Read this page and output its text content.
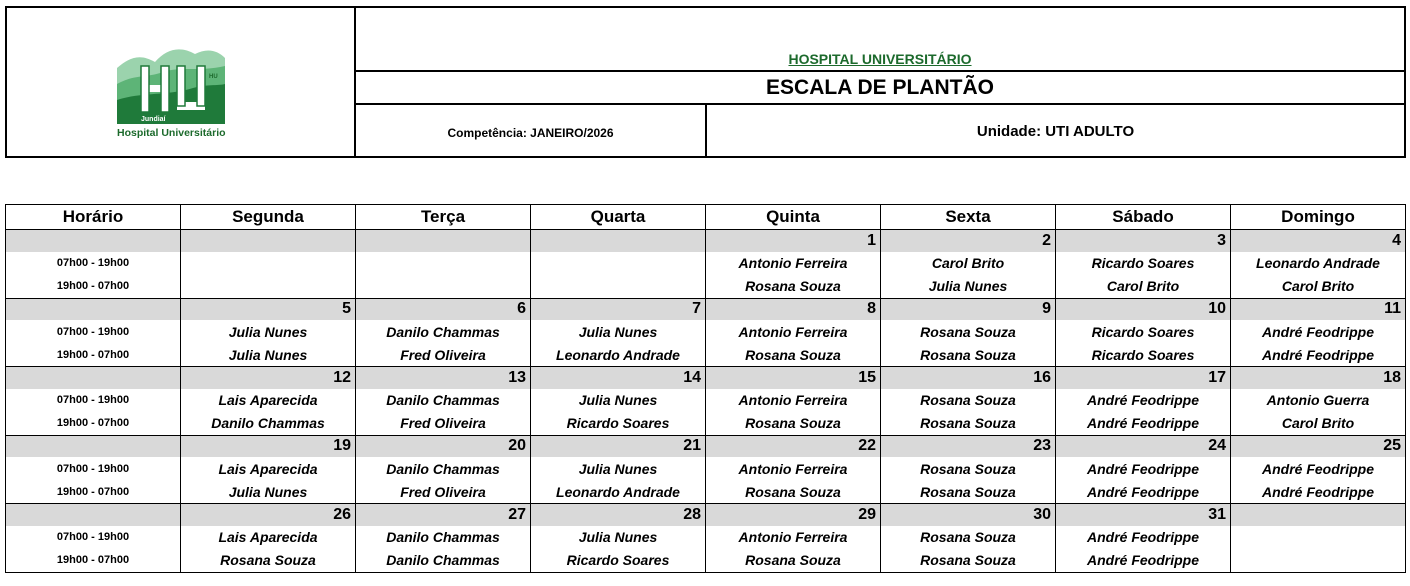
Jundiaí
Hospital Universitário
HU
HOSPITAL UNIVERSITÁRIO
ESCALA DE PLANTÃO
Competência: JANEIRO/2026	Unidade: UTI ADULTO
Horário	Segunda	Terça	Quarta	Quinta	Sexta	Sábado	Domingo
				1	2	3	4
07h00 - 19h00				Antonio Ferreira	Carol Brito	Ricardo Soares	Leonardo Andrade
19h00 - 07h00				Rosana Souza	Julia Nunes	Carol Brito	Carol Brito
	5	6	7	8	9	10	11
07h00 - 19h00	Julia Nunes	Danilo Chammas	Julia Nunes	Antonio Ferreira	Rosana Souza	Ricardo Soares	André Feodrippe
19h00 - 07h00	Julia Nunes	Fred Oliveira	Leonardo Andrade	Rosana Souza	Rosana Souza	Ricardo Soares	André Feodrippe
	12	13	14	15	16	17	18
07h00 - 19h00	Lais Aparecida	Danilo Chammas	Julia Nunes	Antonio Ferreira	Rosana Souza	André Feodrippe	Antonio Guerra
19h00 - 07h00	Danilo Chammas	Fred Oliveira	Ricardo Soares	Rosana Souza	Rosana Souza	André Feodrippe	Carol Brito
	19	20	21	22	23	24	25
07h00 - 19h00	Lais Aparecida	Danilo Chammas	Julia Nunes	Antonio Ferreira	Rosana Souza	André Feodrippe	André Feodrippe
19h00 - 07h00	Julia Nunes	Fred Oliveira	Leonardo Andrade	Rosana Souza	Rosana Souza	André Feodrippe	André Feodrippe
	26	27	28	29	30	31	
07h00 - 19h00	Lais Aparecida	Danilo Chammas	Julia Nunes	Antonio Ferreira	Rosana Souza	André Feodrippe	
19h00 - 07h00	Rosana Souza	Danilo Chammas	Ricardo Soares	Rosana Souza	Rosana Souza	André Feodrippe	
